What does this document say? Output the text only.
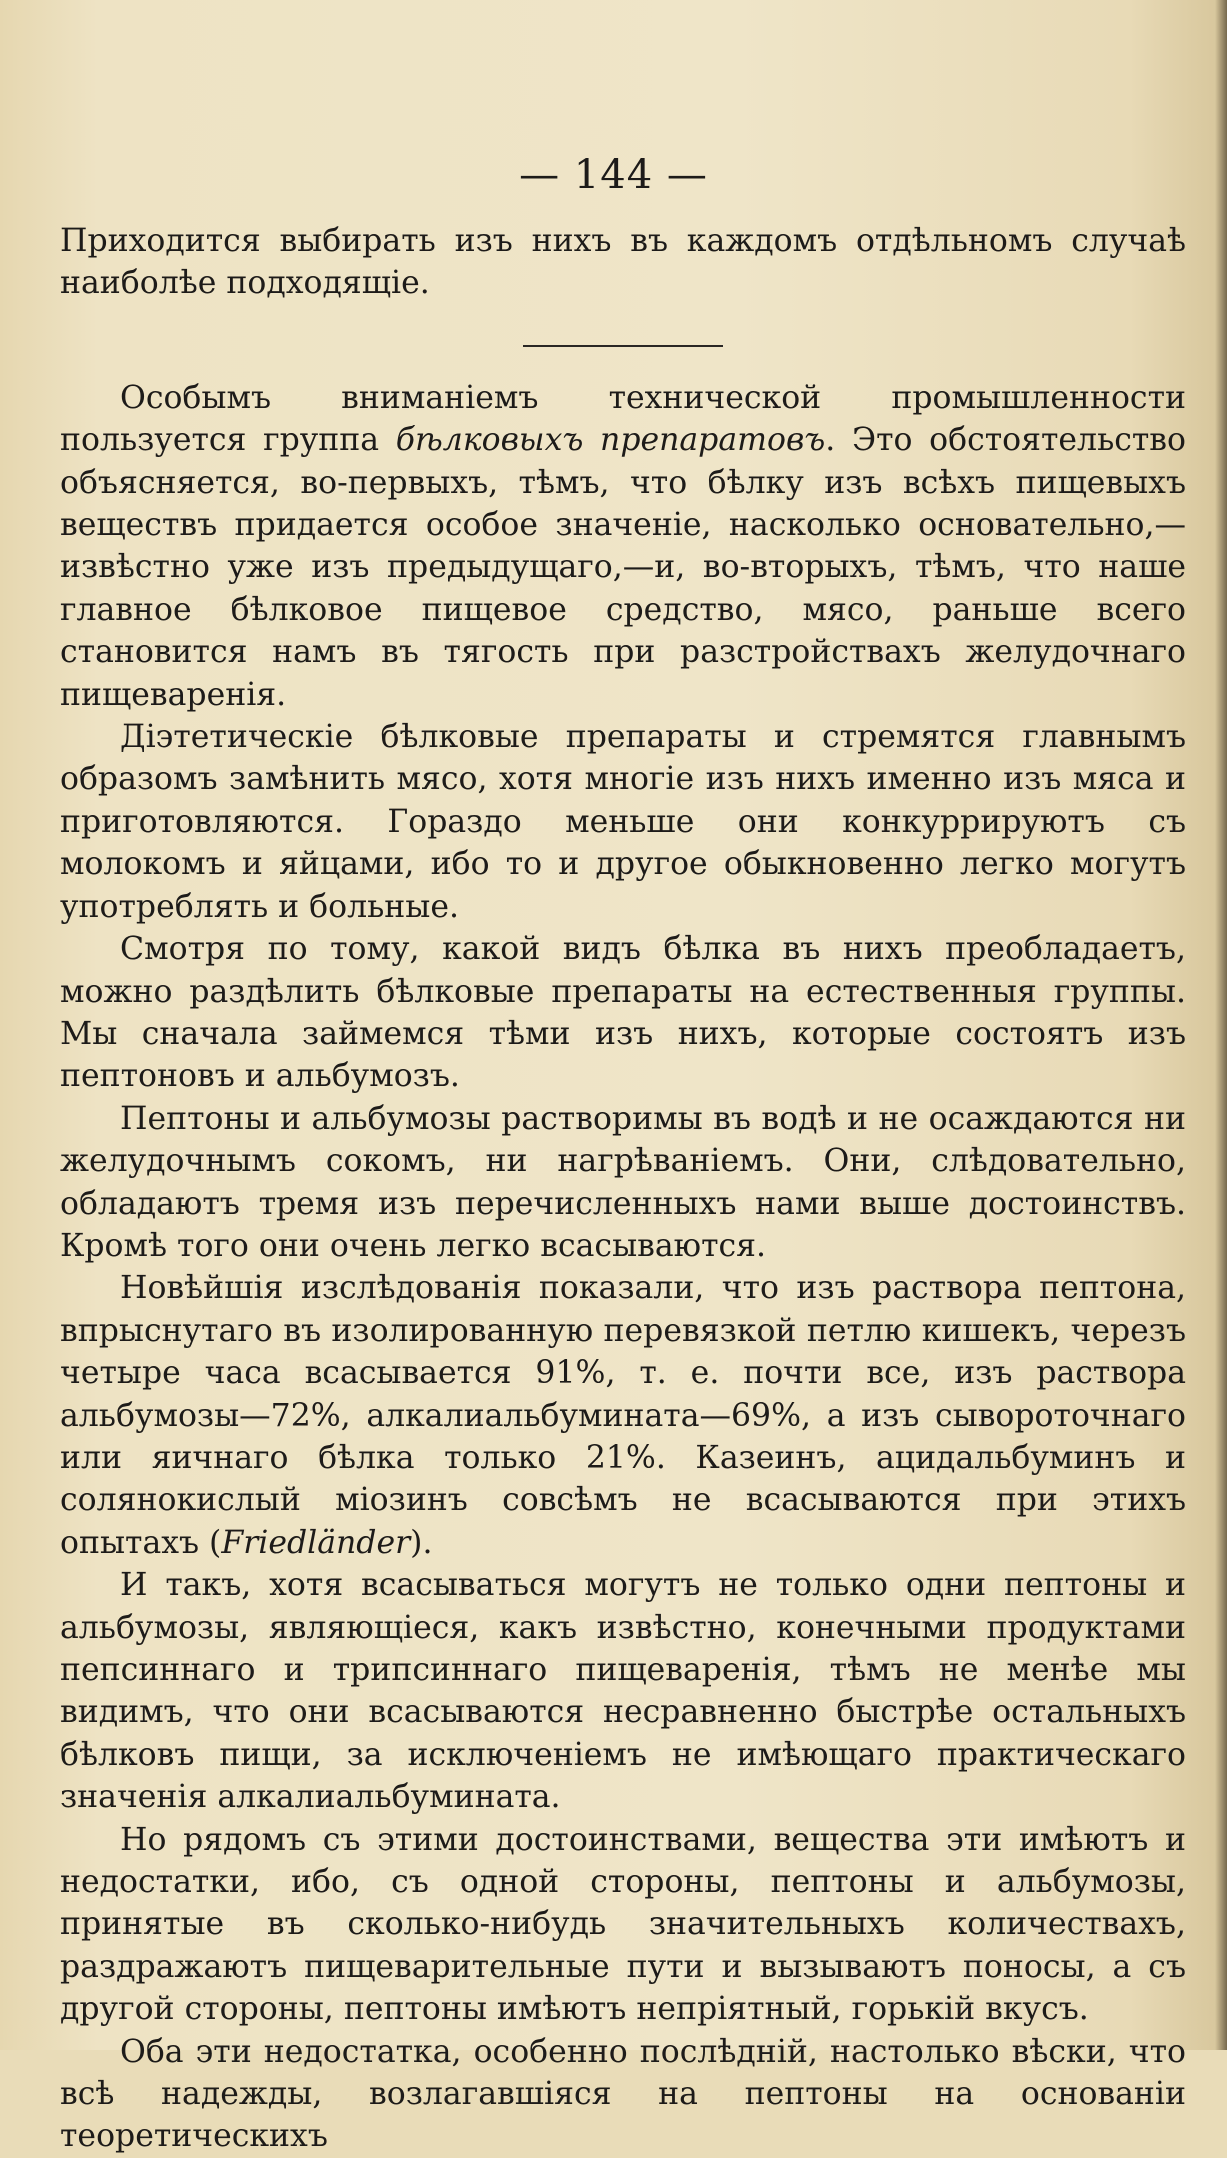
— 144 —

Приходится выбирать изъ нихъ въ каждомъ отдѣльномъ случаѣ наиболѣе подходящіе.

Особымъ вниманіемъ технической промышленности пользуется группа бѣлковыхъ препаратовъ. Это обстоятельство объясняется, во-первыхъ, тѣмъ, что бѣлку изъ всѣхъ пищевыхъ веществъ придается особое значеніе, насколько основательно,—извѣстно уже изъ предыдущаго,—и, во-вторыхъ, тѣмъ, что наше главное бѣлковое пищевое средство, мясо, раньше всего становится намъ въ тягость при разстройствахъ желудочнаго пищеваренія.

Діэтетическіе бѣлковые препараты и стремятся главнымъ образомъ замѣнить мясо, хотя многіе изъ нихъ именно изъ мяса и приготовляются. Гораздо меньше они конкуррируютъ съ молокомъ и яйцами, ибо то и другое обыкновенно легко могутъ употреблять и больные.

Смотря по тому, какой видъ бѣлка въ нихъ преобладаетъ, можно раздѣлить бѣлковые препараты на естественныя группы. Мы сначала займемся тѣми изъ нихъ, которые состоятъ изъ пептоновъ и альбумозъ.

Пептоны и альбумозы растворимы въ водѣ и не осаждаются ни желудочнымъ сокомъ, ни нагрѣваніемъ. Они, слѣдовательно, обладаютъ тремя изъ перечисленныхъ нами выше достоинствъ. Кромѣ того они очень легко всасываются.

Новѣйшія изслѣдованія показали, что изъ раствора пептона, впрыснутаго въ изолированную перевязкой петлю кишекъ, черезъ четыре часа всасывается 91%, т. е. почти все, изъ раствора альбумозы—72%, алкалиальбумината—69%, а изъ сывороточнаго или яичнаго бѣлка только 21%. Казеинъ, ацидальбуминъ и солянокислый міозинъ совсѣмъ не всасываются при этихъ опытахъ (Friedländer).

И такъ, хотя всасываться могутъ не только одни пептоны и альбумозы, являющіеся, какъ извѣстно, конечными продуктами пепсиннаго и трипсиннаго пищеваренія, тѣмъ не менѣе мы видимъ, что они всасываются несравненно быстрѣе остальныхъ бѣлковъ пищи, за исключеніемъ не имѣющаго практическаго значенія алкалиальбумината.

Но рядомъ съ этими достоинствами, вещества эти имѣютъ и недостатки, ибо, съ одной стороны, пептоны и альбумозы, принятые въ сколько-нибудь значительныхъ количествахъ, раздражаютъ пищеварительные пути и вызываютъ поносы, а съ другой стороны, пептоны имѣютъ непріятный, горькій вкусъ.

Оба эти недостатка, особенно послѣдній, настолько вѣски, что всѣ надежды, возлагавшіяся на пептоны на основаніи теоретическихъ
